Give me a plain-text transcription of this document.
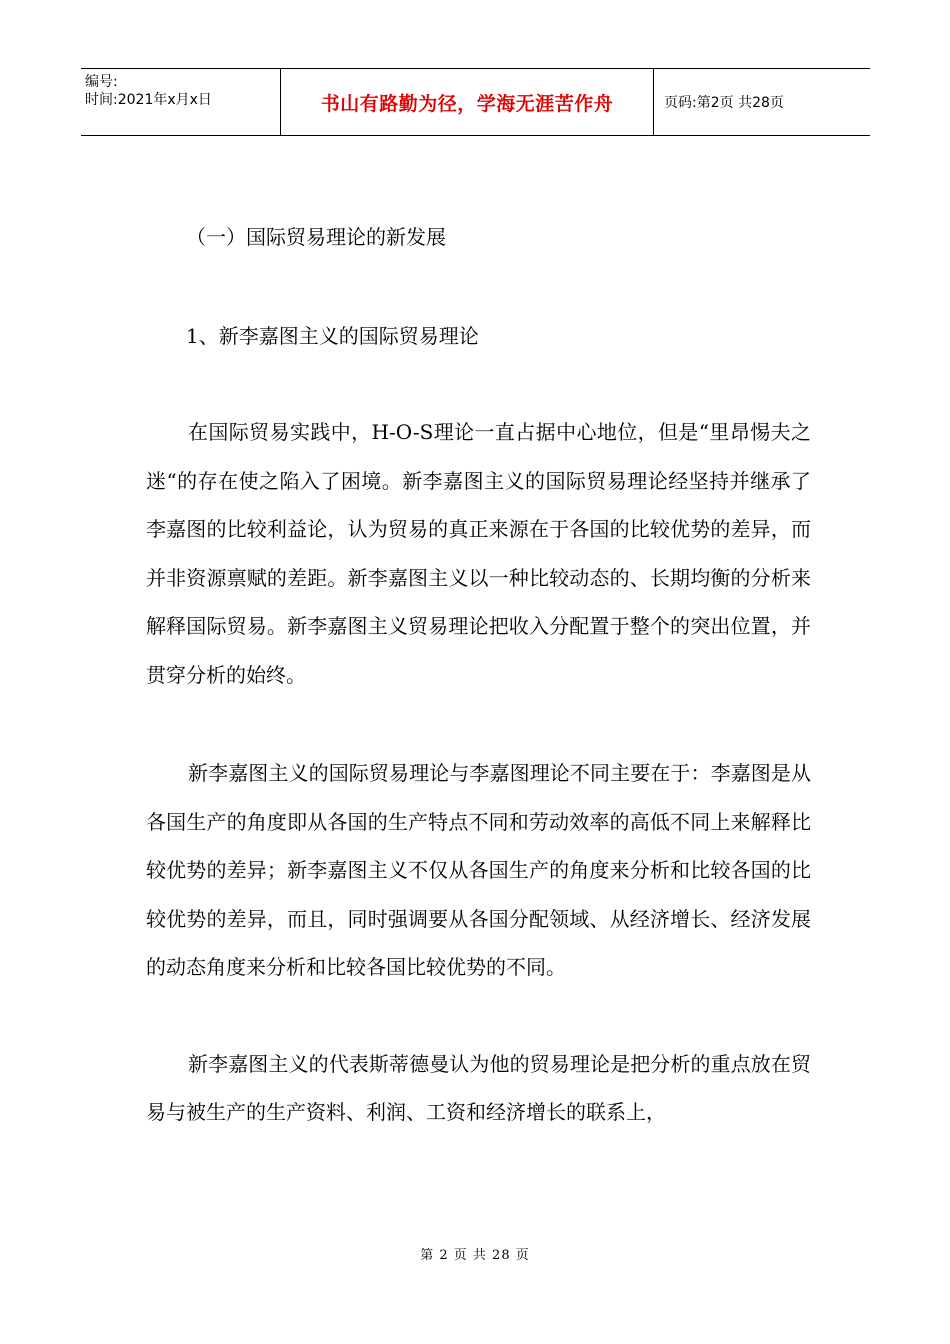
编号:
时间:2021年x月x日	书山有路勤为径，学海无涯苦作舟	页码:第2页 共28页

（一）国际贸易理论的新发展

1、新李嘉图主义的国际贸易理论

在国际贸易实践中，H-O-S理论一直占据中心地位，但是“里昂惕夫之迷“的存在使之陷入了困境。新李嘉图主义的国际贸易理论经坚持并继承了李嘉图的比较利益论，认为贸易的真正来源在于各国的比较优势的差异，而并非资源禀赋的差距。新李嘉图主义以一种比较动态的、长期均衡的分析来解释国际贸易。新李嘉图主义贸易理论把收入分配置于整个的突出位置，并贯穿分析的始终。

新李嘉图主义的国际贸易理论与李嘉图理论不同主要在于：李嘉图是从各国生产的角度即从各国的生产特点不同和劳动效率的高低不同上来解释比较优势的差异；新李嘉图主义不仅从各国生产的角度来分析和比较各国的比较优势的差异，而且，同时强调要从各国分配领域、从经济增长、经济发展的动态角度来分析和比较各国比较优势的不同。

新李嘉图主义的代表斯蒂德曼认为他的贸易理论是把分析的重点放在贸易与被生产的生产资料、利润、工资和经济增长的联系上，

第 2 页 共 28 页
